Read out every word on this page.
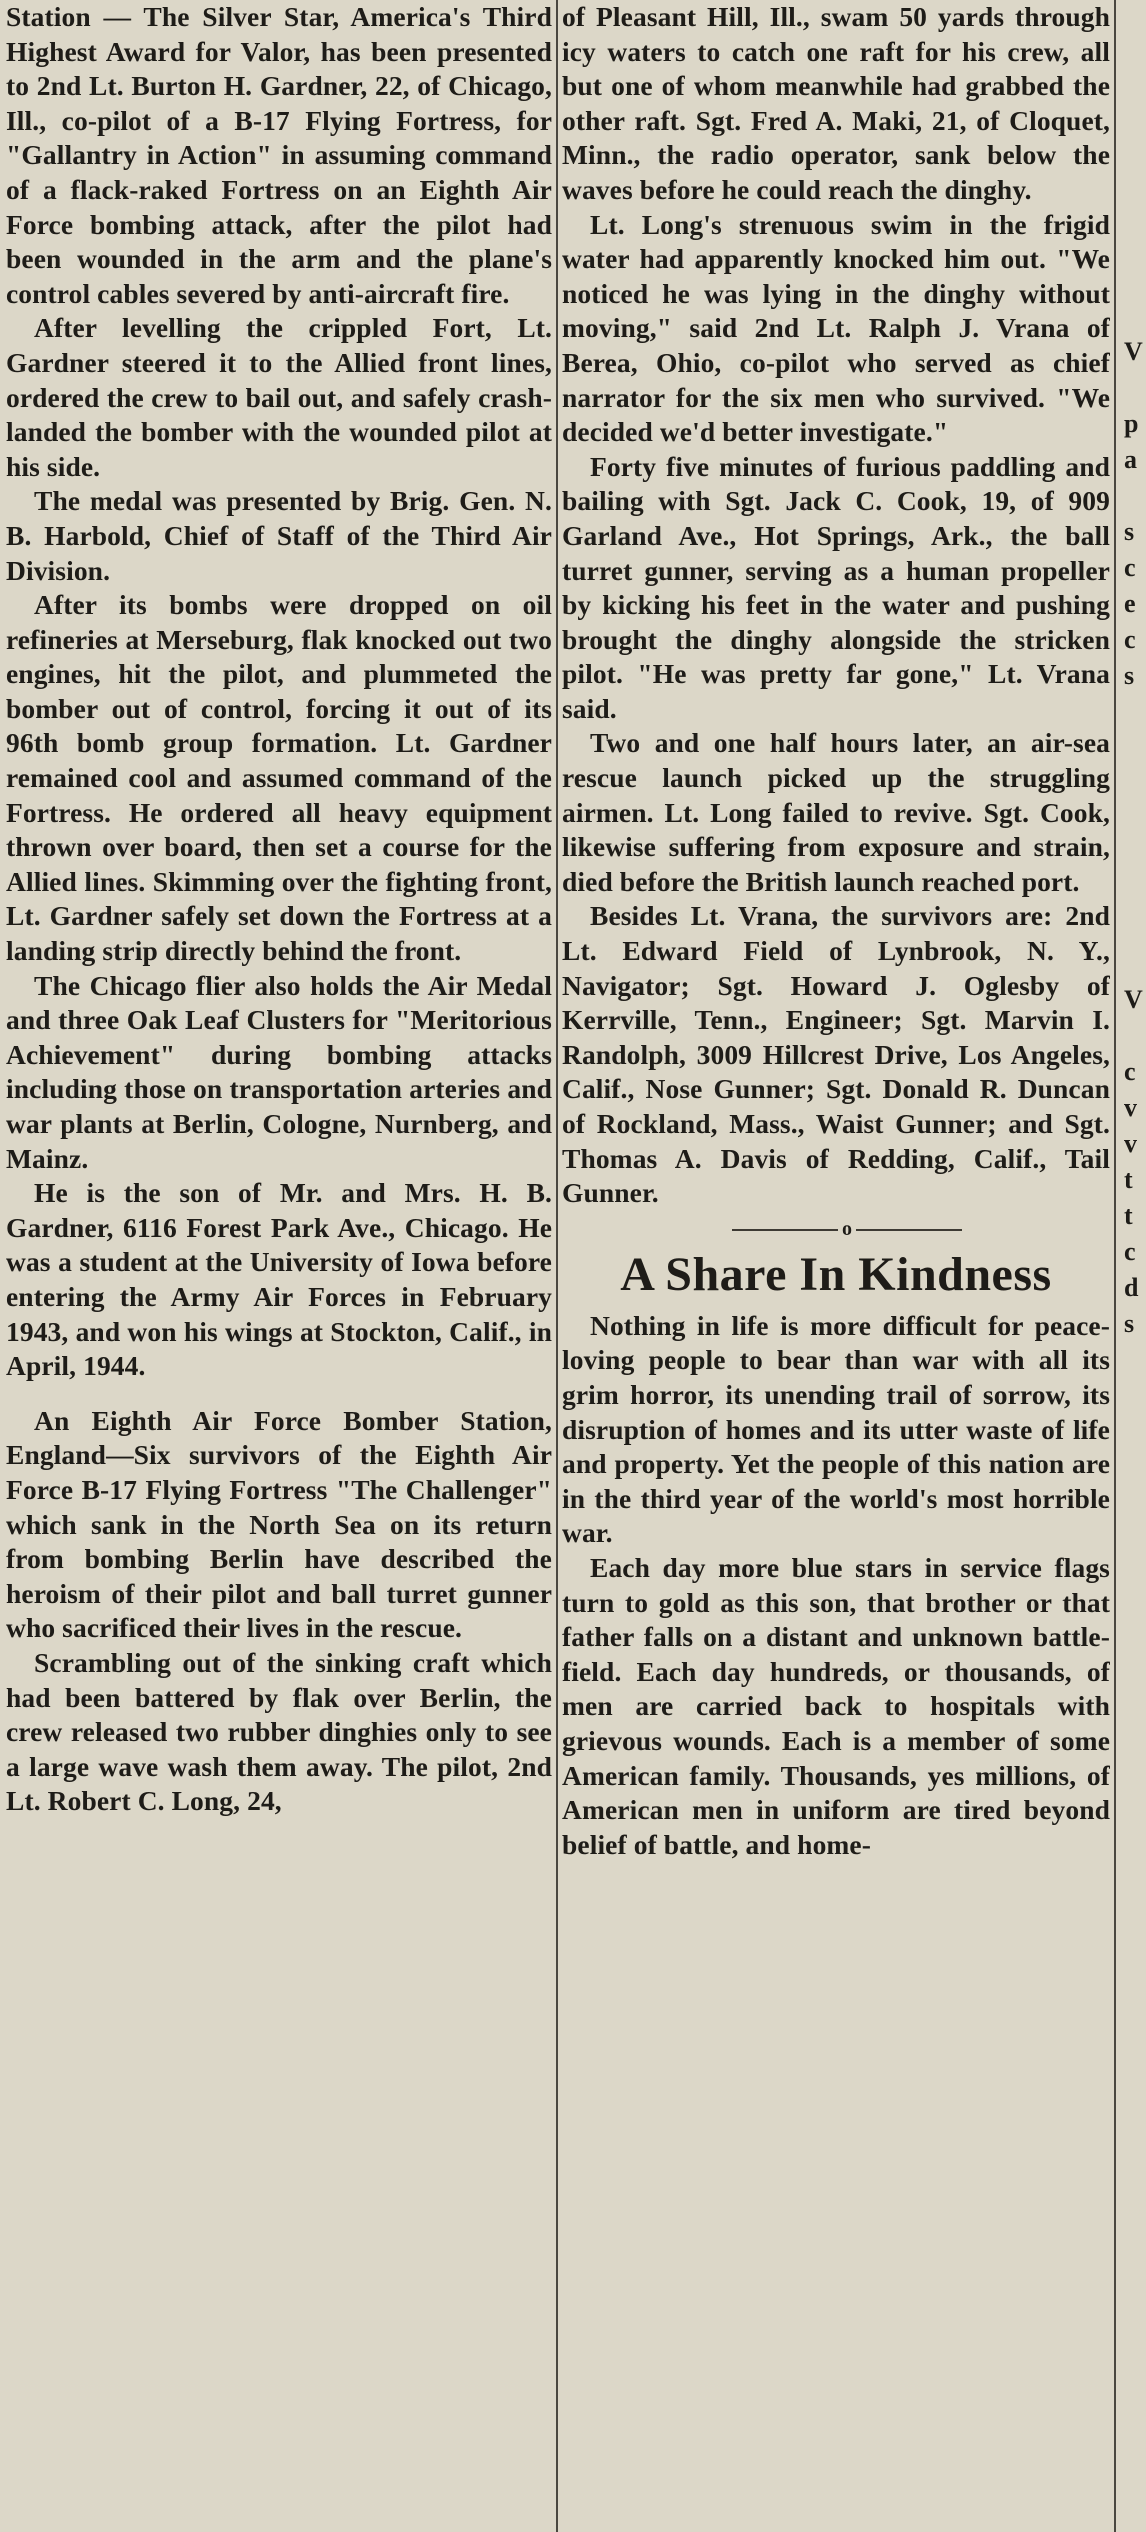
Station — The Silver Star, America's Third Highest Award for Valor, has been presented to 2nd Lt. Burton H. Gardner, 22, of Chicago, Ill., co-pilot of a B-17 Flying Fortress, for "Gallantry in Action" in assuming command of a flack-raked Fortress on an Eighth Air Force bombing attack, after the pilot had been wounded in the arm and the plane's control cables severed by anti-aircraft fire.

After levelling the crippled Fort, Lt. Gardner steered it to the Allied front lines, ordered the crew to bail out, and safely crash-landed the bomber with the wounded pilot at his side.

The medal was presented by Brig. Gen. N. B. Harbold, Chief of Staff of the Third Air Division.

After its bombs were dropped on oil refineries at Merseburg, flak knocked out two engines, hit the pilot, and plummeted the bomber out of control, forcing it out of its 96th bomb group formation. Lt. Gardner remained cool and assumed command of the Fortress. He ordered all heavy equipment thrown over board, then set a course for the Allied lines. Skimming over the fighting front, Lt. Gardner safely set down the Fortress at a landing strip directly behind the front.

The Chicago flier also holds the Air Medal and three Oak Leaf Clusters for "Meritorious Achievement" during bombing attacks including those on transportation arteries and war plants at Berlin, Cologne, Nurnberg, and Mainz.

He is the son of Mr. and Mrs. H. B. Gardner, 6116 Forest Park Ave., Chicago. He was a student at the University of Iowa before entering the Army Air Forces in February 1943, and won his wings at Stockton, Calif., in April, 1944.

An Eighth Air Force Bomber Station, England—Six survivors of the Eighth Air Force B-17 Flying Fortress "The Challenger" which sank in the North Sea on its return from bombing Berlin have described the heroism of their pilot and ball turret gunner who sacrificed their lives in the rescue.

Scrambling out of the sinking craft which had been battered by flak over Berlin, the crew released two rubber dinghies only to see a large wave wash them away. The pilot, 2nd Lt. Robert C. Long, 24,

of Pleasant Hill, Ill., swam 50 yards through icy waters to catch one raft for his crew, all but one of whom meanwhile had grabbed the other raft. Sgt. Fred A. Maki, 21, of Cloquet, Minn., the radio operator, sank below the waves before he could reach the dinghy.

Lt. Long's strenuous swim in the frigid water had apparently knocked him out. "We noticed he was lying in the dinghy without moving," said 2nd Lt. Ralph J. Vrana of Berea, Ohio, co-pilot who served as chief narrator for the six men who survived. "We decided we'd better investigate."

Forty five minutes of furious paddling and bailing with Sgt. Jack C. Cook, 19, of 909 Garland Ave., Hot Springs, Ark., the ball turret gunner, serving as a human propeller by kicking his feet in the water and pushing brought the dinghy alongside the stricken pilot. "He was pretty far gone," Lt. Vrana said.

Two and one half hours later, an air-sea rescue launch picked up the struggling airmen. Lt. Long failed to revive. Sgt. Cook, likewise suffering from exposure and strain, died before the British launch reached port.

Besides Lt. Vrana, the survivors are: 2nd Lt. Edward Field of Lynbrook, N. Y., Navigator; Sgt. Howard J. Oglesby of Kerrville, Tenn., Engineer; Sgt. Marvin I. Randolph, 3009 Hillcrest Drive, Los Angeles, Calif., Nose Gunner; Sgt. Donald R. Duncan of Rockland, Mass., Waist Gunner; and Sgt. Thomas A. Davis of Redding, Calif., Tail Gunner.

o
A Share In Kindness

Nothing in life is more difficult for peace-loving people to bear than war with all its grim horror, its unending trail of sorrow, its disruption of homes and its utter waste of life and property. Yet the people of this nation are in the third year of the world's most horrible war.

Each day more blue stars in service flags turn to gold as this son, that brother or that father falls on a distant and unknown battle-field. Each day hundreds, or thousands, of men are carried back to hospitals with grievous wounds. Each is a member of some American family. Thousands, yes millions, of American men in uniform are tired beyond belief of battle, and home-

V
p
a
s
c
e
c
s
V
c
v
v
t
t
c
d
s
